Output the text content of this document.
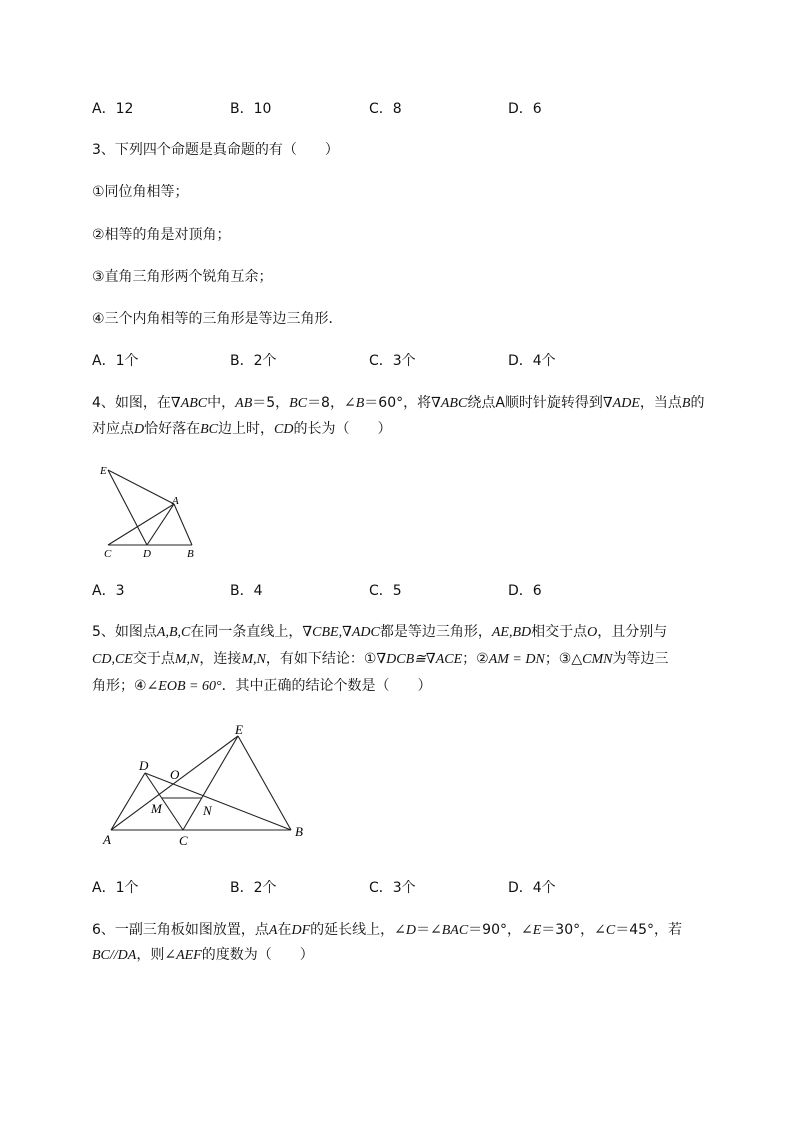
A．12	B．10	C．8	D．6
3、下列四个命题是真命题的有（　　）
①同位角相等；
②相等的角是对顶角；
③直角三角形两个锐角互余；
④三个内角相等的三角形是等边三角形．
A．1个	B．2个	C．3个	D．4个
4、如图，在∇ABC中，AB＝5，BC＝8，∠B＝60°，将∇ABC绕点A顺时针旋转得到∇ADE，当点B的
对应点D恰好落在BC边上时，CD的长为（　　）
E
A
C	D	B
A．3	B．4	C．5	D．6
5、如图点A,B,C在同一条直线上，∇CBE,∇ADC都是等边三角形，AE,BD相交于点O，且分别与
CD,CE交于点M,N，连接M,N，有如下结论：①∇DCB≅∇ACE；②AM = DN；③△CMN为等边三
角形；④∠EOB = 60°．其中正确的结论个数是（　　）
E
D
O
M	N
A	C
B
A．1个	B．2个	C．3个	D．4个
6、一副三角板如图放置，点A在DF的延长线上，∠D＝∠BAC＝90°，∠E＝30°，∠C＝45°，若
BC//DA，则∠AEF的度数为（　　）
